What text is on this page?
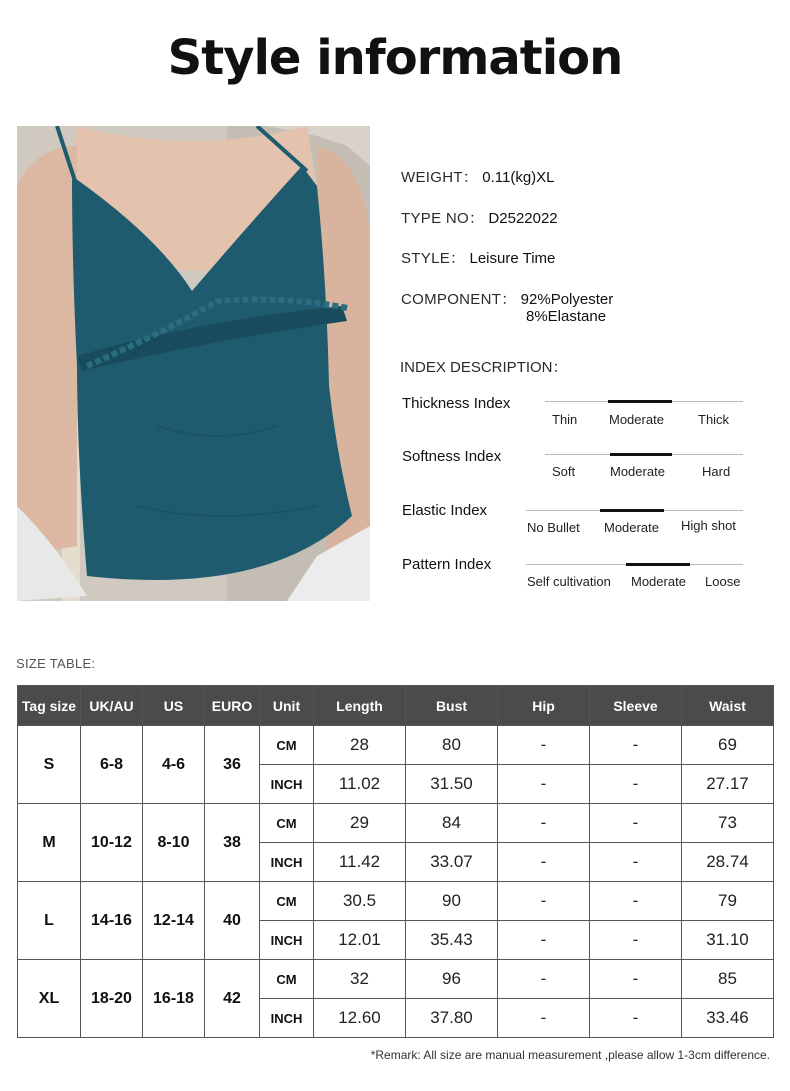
Style information
WEIGHT： 0.11(kg)XL
TYPE NO： D2522022
STYLE： Leisure Time
COMPONENT： 92%Polyester
8%Elastane
INDEX DESCRIPTION：
Thickness Index
Thin Moderate	Thick
Softness Index
Soft	Moderate	Hard
Elastic Index
No Bullet Moderate High shot
Pattern Index
Self cultivation Moderate Loose
SIZE TABLE:
Tag size	UK/AU	US	EURO	Unit	Length	Bust	Hip	Sleeve	Waist
S	6-8	4-6	36	CM	28	80	-	-	69
				INCH	11.02	31.50	-	-	27.17
M	10-12	8-10	38	CM	29	84	-	-	73
				INCH	11.42	33.07	-	-	28.74
L	14-16	12-14	40	CM	30.5	90	-	-	79
				INCH	12.01	35.43	-	-	31.10
XL	18-20	16-18	42	CM	32	96	-	-	85
				INCH	12.60	37.80	-	-	33.46
*Remark: All size are manual measurement ,please allow 1-3cm difference.
